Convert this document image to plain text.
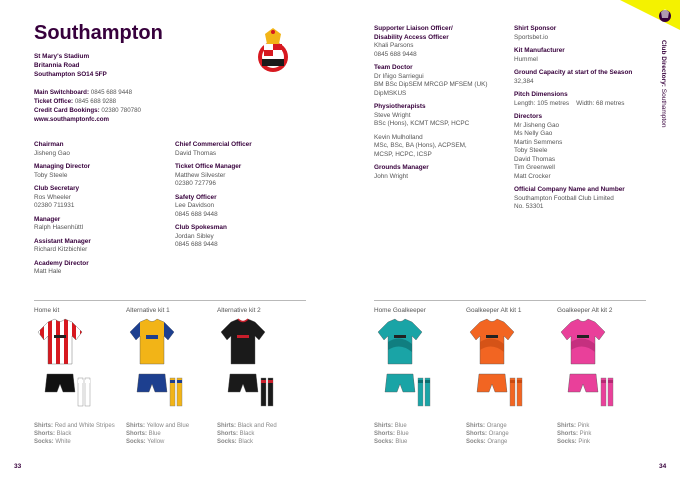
Club Directory: Southampton
Southampton
St Mary's Stadium
Britannia Road
Southampton SO14 5FP
Main Switchboard: 0845 688 9448
Ticket Office: 0845 688 9288
Credit Card Bookings: 02380 780780
www.southamptonfc.com
Chairman
Jisheng Gao
Managing Director
Toby Steele
Club Secretary
Ros Wheeler
02380 711931
Manager
Ralph Hasenhüttl
Assistant Manager
Richard Kitzbichler
Academy Director
Matt Hale
Chief Commercial Officer
David Thomas
Ticket Office Manager
Matthew Silvester
02380 727796
Safety Officer
Lee Davidson
0845 688 9448
Club Spokesman
Jordan Sibley
0845 688 9448
Supporter Liaison Officer/
Disability Access Officer
Khali Parsons
0845 688 9448
Team Doctor
Dr Iñigo Sarriegui
BM BSc DipSEM MRCGP MFSEM (UK)
DipMSKUS
Physiotherapists
Steve Wright
BSc (Hons), KCMT MCSP, HCPC
Kevin Mulholland
MSc, BSc, BA (Hons), ACPSEM,
MCSP, HCPC, ICSP
Grounds Manager
John Wright
Shirt Sponsor
Sportsbet.io
Kit Manufacturer
Hummel
Ground Capacity at start of the Season
32,384
Pitch Dimensions
Length: 105 metres    Width: 68 metres
Directors
Mr Jisheng Gao
Ms Nelly Gao
Martin Semmens
Toby Steele
David Thomas
Tim Greenwell
Matt Crocker
Official Company Name and Number
Southampton Football Club Limited
No. 53301
Home kit
Shirts: Red and White Stripes
Shorts: Black
Socks: White
Alternative kit 1
Shirts: Yellow and Blue
Shorts: Blue
Socks: Yellow
Alternative kit 2
Shirts: Black and Red
Shorts: Black
Socks: Black
Home Goalkeeper
Shirts: Blue
Shorts: Blue
Socks: Blue
Goalkeeper Alt kit 1
Shirts: Orange
Shorts: Orange
Socks: Orange
Goalkeeper Alt kit 2
Shirts: Pink
Shorts: Pink
Socks: Pink
33	34
